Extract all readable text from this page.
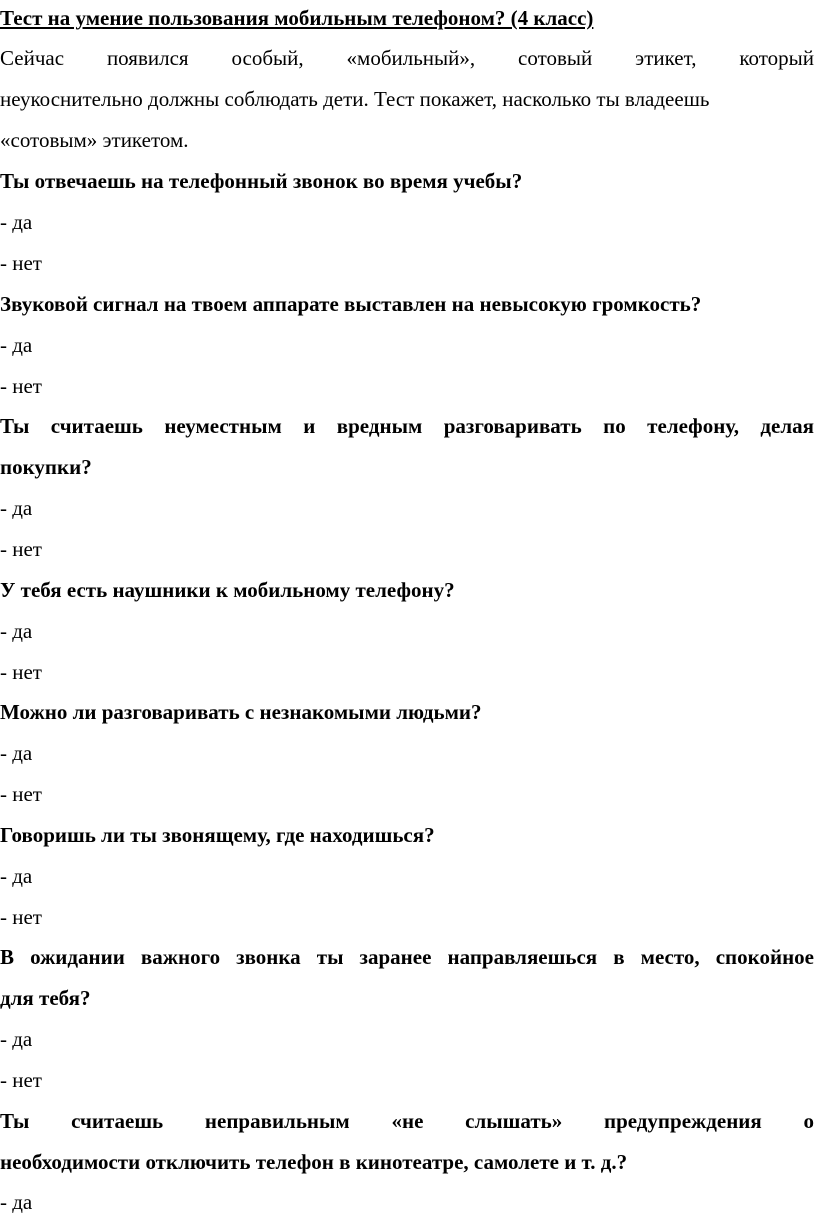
Тест на умение пользования мобильным телефоном? (4 класс)
Сейчас появился особый, «мобильный», сотовый этикет, который
неукоснительно должны соблюдать дети. Тест покажет, насколько ты владеешь
«сотовым» этикетом.
Ты отвечаешь на телефонный звонок во время учебы?
- да
- нет
Звуковой сигнал на твоем аппарате выставлен на невысокую громкость?
- да
- нет
Ты считаешь неуместным и вредным разговаривать по телефону, делая
покупки?
- да
- нет
У тебя есть наушники к мобильному телефону?
- да
- нет
Можно ли разговаривать с незнакомыми людьми?
- да
- нет
Говоришь ли ты звонящему, где находишься?
- да
- нет
В ожидании важного звонка ты заранее направляешься в место, спокойное
для тебя?
- да
- нет
Ты считаешь неправильным «не слышать» предупреждения о
необходимости отключить телефон в кинотеатре, самолете и т. д.?
- да
